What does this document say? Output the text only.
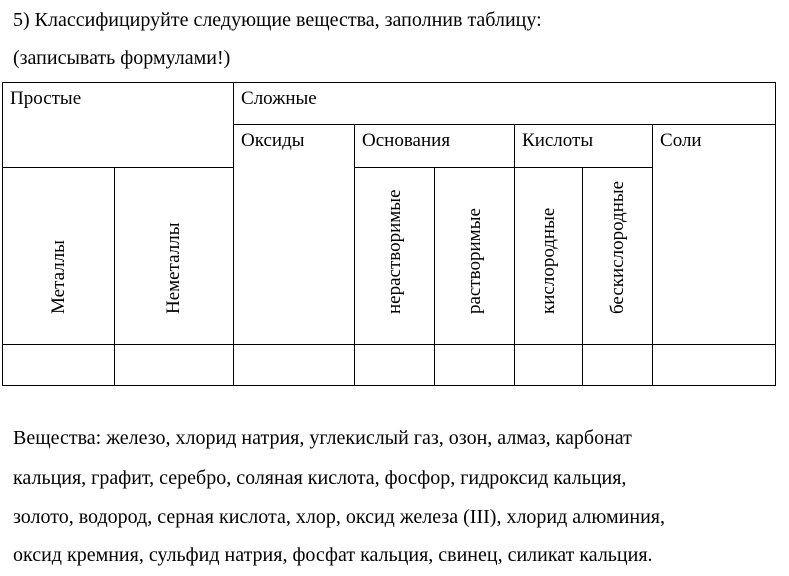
5) Классифицируйте следующие вещества, заполнив таблицу:
(записывать формулами!)
Простые		Сложные					
		Оксиды	Основания		Кислоты		Соли

Металлы	Неметаллы		нерастворимые	растворимые	кислородные	бескислородные	

Вещества: железо, хлорид натрия, углекислый газ, озон, алмаз, карбонат
кальция, графит, серебро, соляная кислота, фосфор, гидроксид кальция,
золото, водород, серная кислота, хлор, оксид железа (III), хлорид алюминия,
оксид кремния, сульфид натрия, фосфат кальция, свинец, силикат кальция.
